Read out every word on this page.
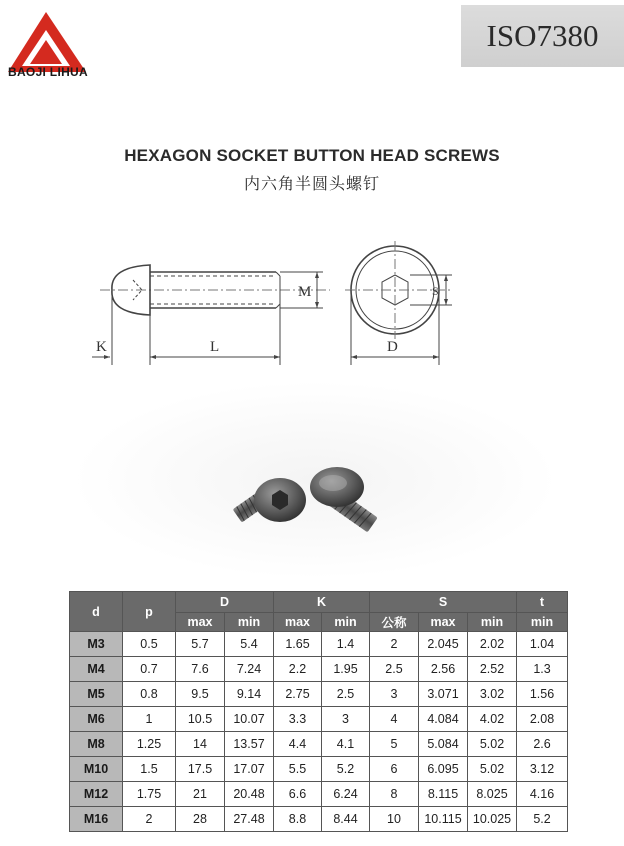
BAOJI LIHUA
ISO7380
HEXAGON SOCKET BUTTON HEAD SCREWS
内六角半圆头螺钉
K	L
M
D
S
d	p	D		K		S			t
		max	min	max	min	公称	max	min	min
M3	0.5	5.7	5.4	1.65	1.4	2	2.045	2.02	1.04
M4	0.7	7.6	7.24	2.2	1.95	2.5	2.56	2.52	1.3
M5	0.8	9.5	9.14	2.75	2.5	3	3.071	3.02	1.56
M6	1	10.5	10.07	3.3	3	4	4.084	4.02	2.08
M8	1.25	14	13.57	4.4	4.1	5	5.084	5.02	2.6
M10	1.5	17.5	17.07	5.5	5.2	6	6.095	5.02	3.12
M12	1.75	21	20.48	6.6	6.24	8	8.115	8.025	4.16
M16	2	28	27.48	8.8	8.44	10	10.115	10.025	5.2
